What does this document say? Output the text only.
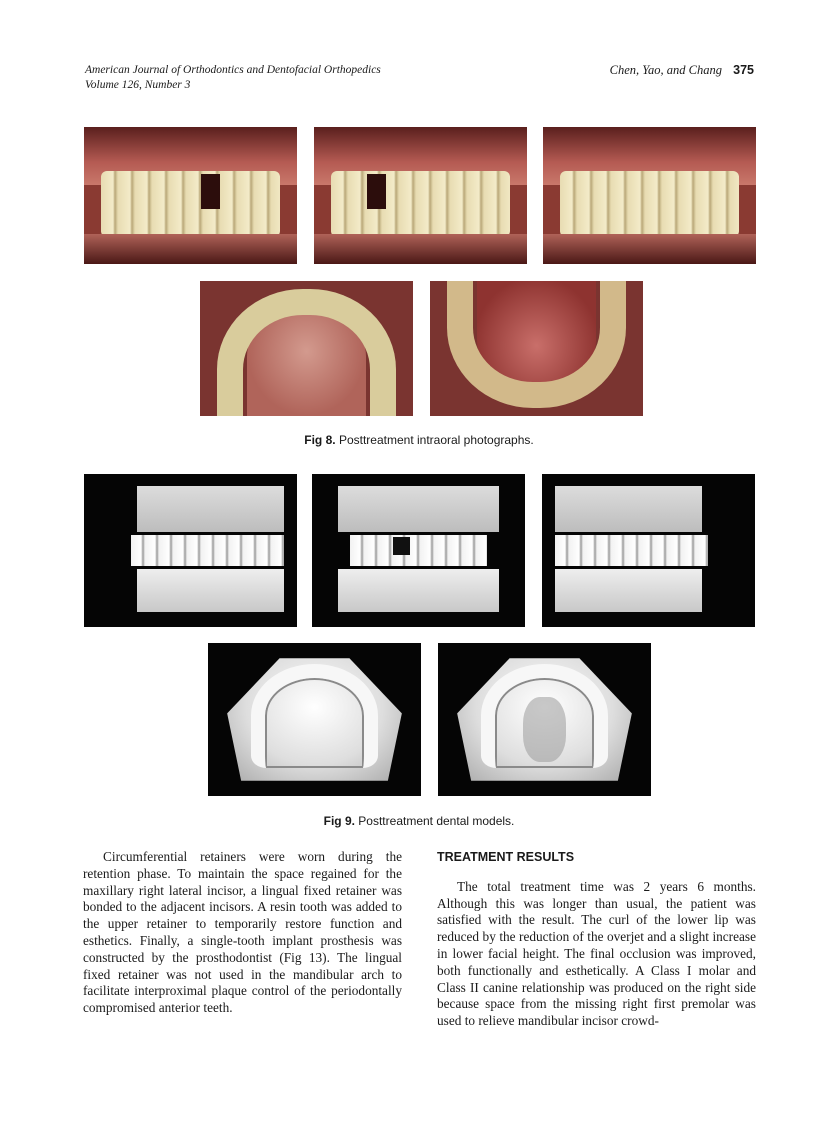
American Journal of Orthodontics and Dentofacial Orthopedics
Volume 126, Number 3
Chen, Yao, and Chang 375
Fig 8. Posttreatment intraoral photographs.
Fig 9. Posttreatment dental models.

Circumferential retainers were worn during the retention phase. To maintain the space regained for the maxillary right lateral incisor, a lingual fixed retainer was bonded to the adjacent incisors. A resin tooth was added to the upper retainer to temporarily restore function and esthetics. Finally, a single-tooth implant prosthesis was constructed by the prosthodontist (Fig 13). The lingual fixed retainer was not used in the mandibular arch to facilitate interproximal plaque control of the periodontally compromised anterior teeth.

TREATMENT RESULTS

The total treatment time was 2 years 6 months. Although this was longer than usual, the patient was satisfied with the result. The curl of the lower lip was reduced by the reduction of the overjet and a slight increase in lower facial height. The final occlusion was improved, both functionally and esthetically. A Class I molar and Class II canine relationship was produced on the right side because space from the missing right first premolar was used to relieve mandibular incisor crowd-
